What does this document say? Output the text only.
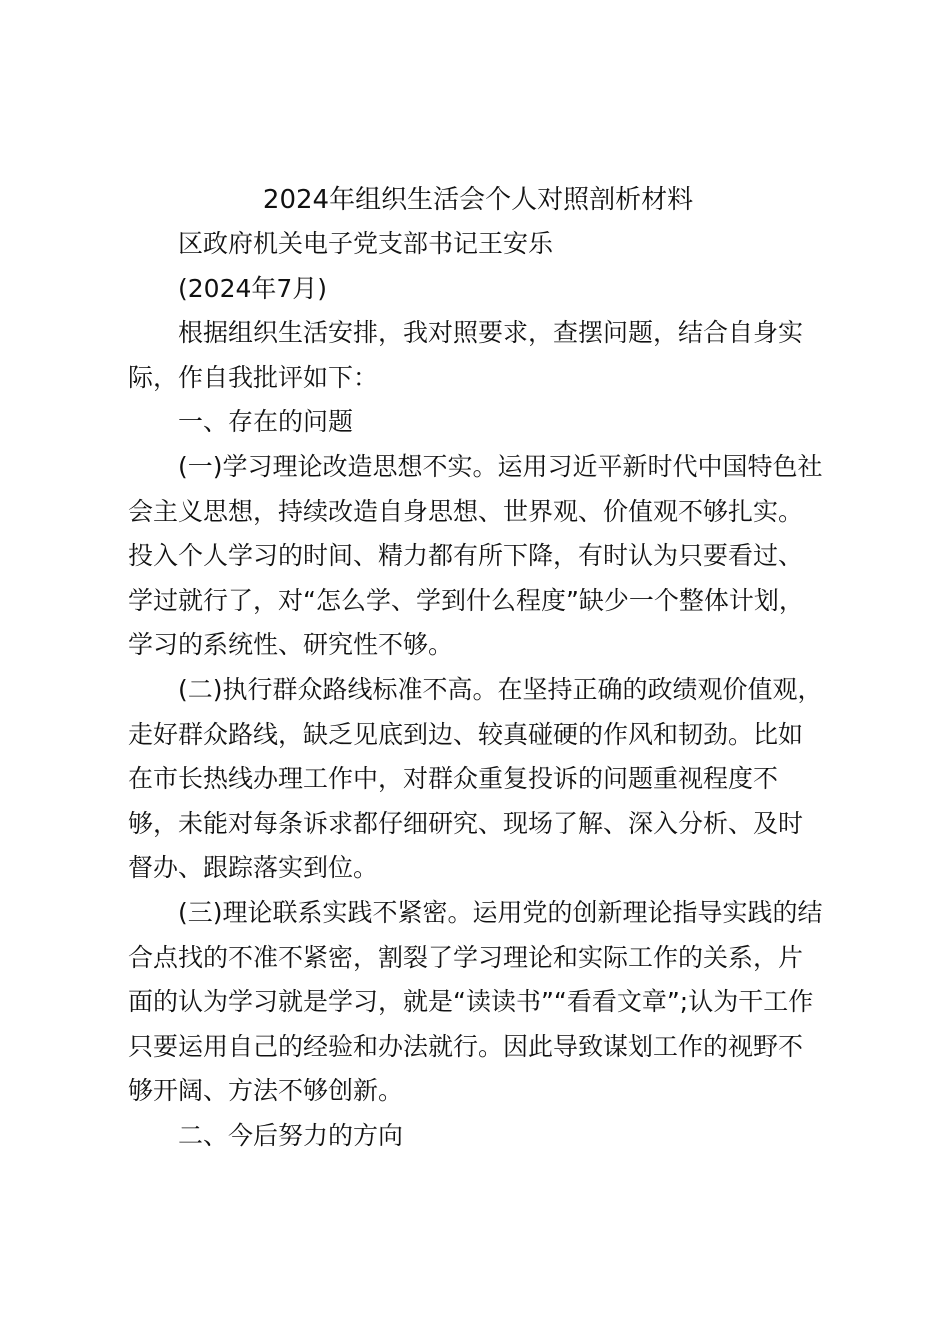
2024年组织生活会个人对照剖析材料

区政府机关电子党支部书记王安乐

(2024年7月)

根据组织生活安排，我对照要求，查摆问题，结合自身实
际，作自我批评如下：

一、存在的问题

(一)学习理论改造思想不实。运用习近平新时代中国特色社
会主义思想，持续改造自身思想、世界观、价值观不够扎实。
投入个人学习的时间、精力都有所下降，有时认为只要看过、
学过就行了，对“怎么学、学到什么程度”缺少一个整体计划，
学习的系统性、研究性不够。

(二)执行群众路线标准不高。在坚持正确的政绩观价值观，
走好群众路线，缺乏见底到边、较真碰硬的作风和韧劲。比如
在市长热线办理工作中，对群众重复投诉的问题重视程度不
够，未能对每条诉求都仔细研究、现场了解、深入分析、及时
督办、跟踪落实到位。

(三)理论联系实践不紧密。运用党的创新理论指导实践的结
合点找的不准不紧密，割裂了学习理论和实际工作的关系，片
面的认为学习就是学习，就是“读读书”“看看文章”;认为干工作
只要运用自己的经验和办法就行。因此导致谋划工作的视野不
够开阔、方法不够创新。

二、今后努力的方向
